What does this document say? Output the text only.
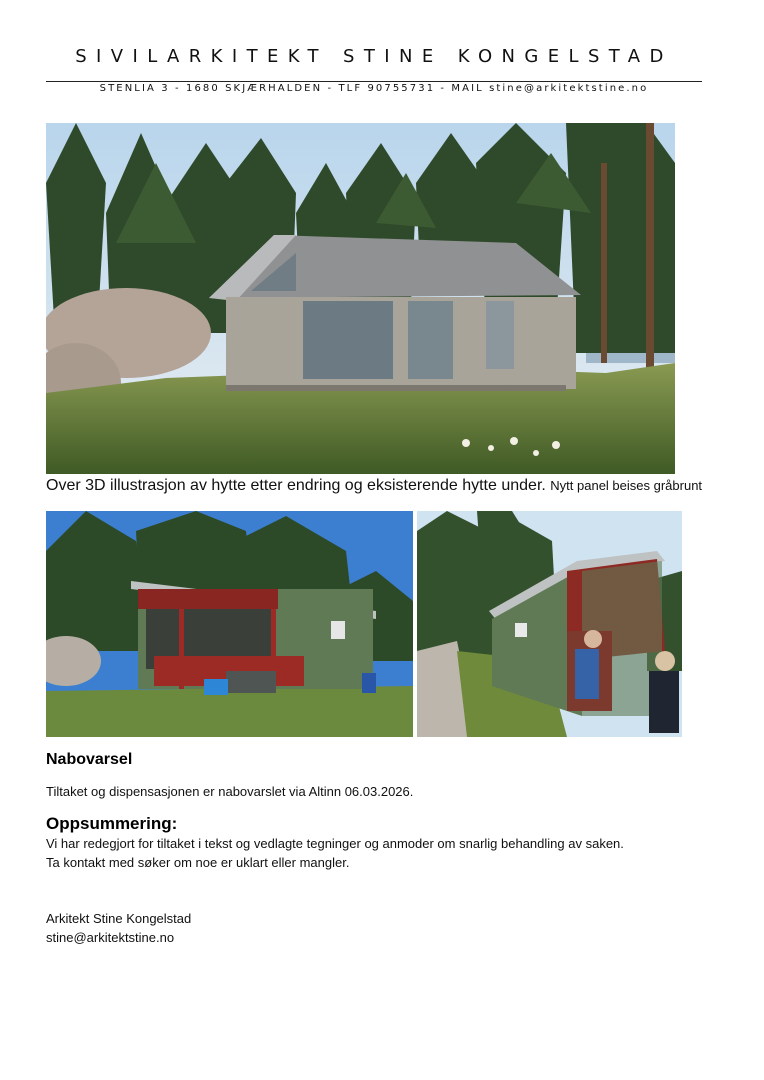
SIVILARKITEKT STINE KONGELSTAD
STENLIA 3 - 1680 SKJÆRHALDEN - TLF 90755731 - MAIL stine@arkitektstine.no
Over 3D illustrasjon av hytte etter endring og eksisterende hytte under. Nytt panel beises gråbrunt
Nabovarsel
Tiltaket og dispensasjonen er nabovarslet via Altinn 06.03.2026.
Oppsummering:
Vi har redegjort for tiltaket i tekst og vedlagte tegninger og anmoder om snarlig behandling av saken.
Ta kontakt med søker om noe er uklart eller mangler.
Arkitekt Stine Kongelstad
stine@arkitektstine.no
